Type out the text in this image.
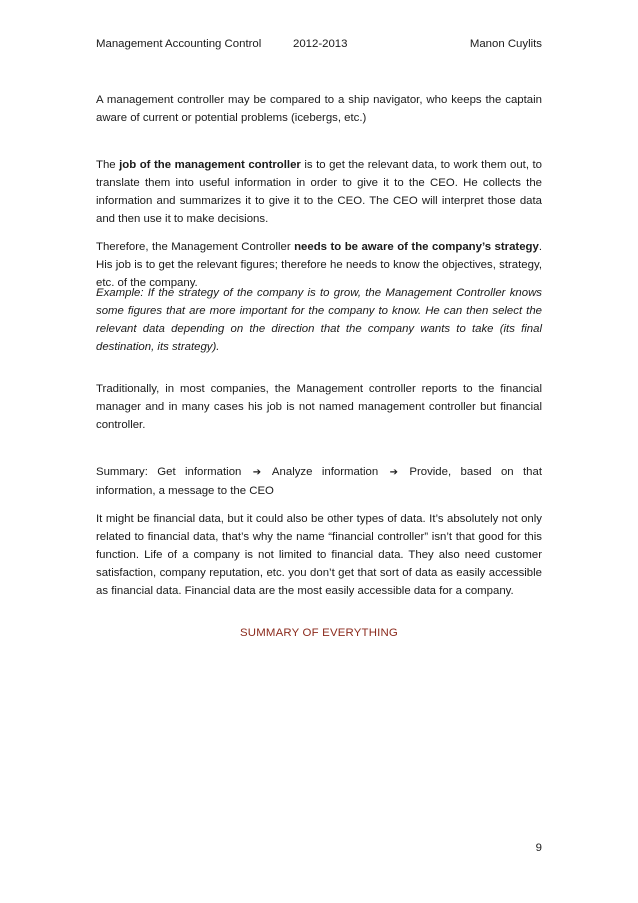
Management Accounting Control	2012-2013	Manon Cuylits

A management controller may be compared to a ship navigator, who keeps the captain aware of current or potential problems (icebergs, etc.)

The job of the management controller is to get the relevant data, to work them out, to translate them into useful information in order to give it to the CEO. He collects the information and summarizes it to give it to the CEO. The CEO will interpret those data and then use it to make decisions.

Therefore, the Management Controller needs to be aware of the company’s strategy. His job is to get the relevant figures; therefore he needs to know the objectives, strategy, etc. of the company.

Example: If the strategy of the company is to grow, the Management Controller knows some figures that are more important for the company to know. He can then select the relevant data depending on the direction that the company wants to take (its final destination, its strategy).

Traditionally, in most companies, the Management controller reports to the financial manager and in many cases his job is not named management controller but financial controller.

Summary: Get information ➔ Analyze information ➔ Provide, based on that information, a message to the CEO

It might be financial data, but it could also be other types of data. It’s absolutely not only related to financial data, that’s why the name “financial controller” isn’t that good for this function. Life of a company is not limited to financial data. They also need customer satisfaction, company reputation, etc. you don’t get that sort of data as easily accessible as financial data. Financial data are the most easily accessible data for a company.

SUMMARY OF EVERYTHING
9
